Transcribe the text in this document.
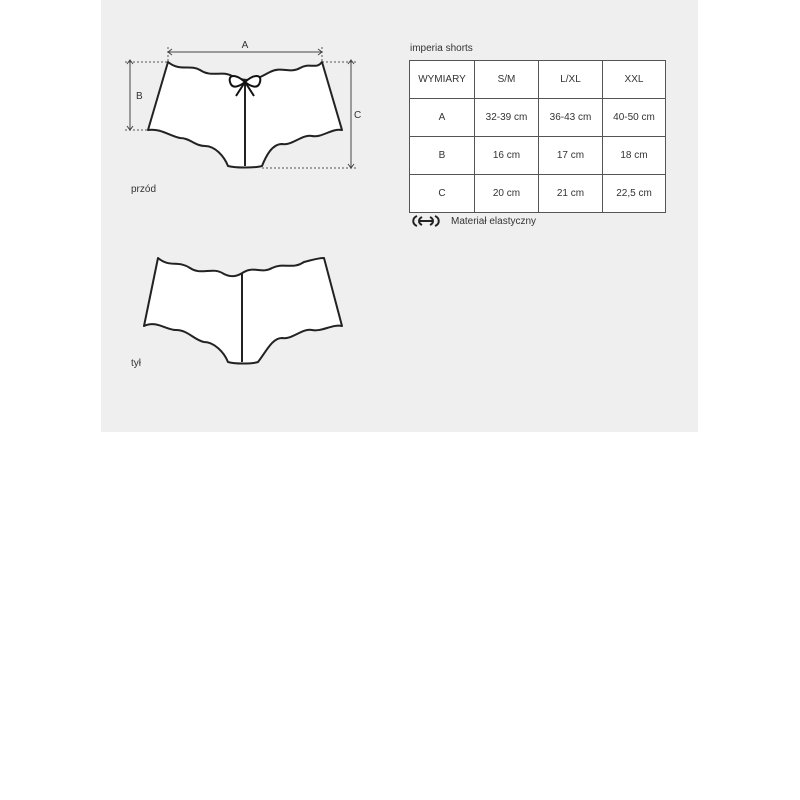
A
B
C
przód
tył
imperia shorts
WYMIARY	S/M	L/XL	XXL
A	32-39 cm	36-43 cm	40-50 cm
B	16 cm	17 cm	18 cm
C	20 cm	21 cm	22,5 cm
Materiał elastyczny
